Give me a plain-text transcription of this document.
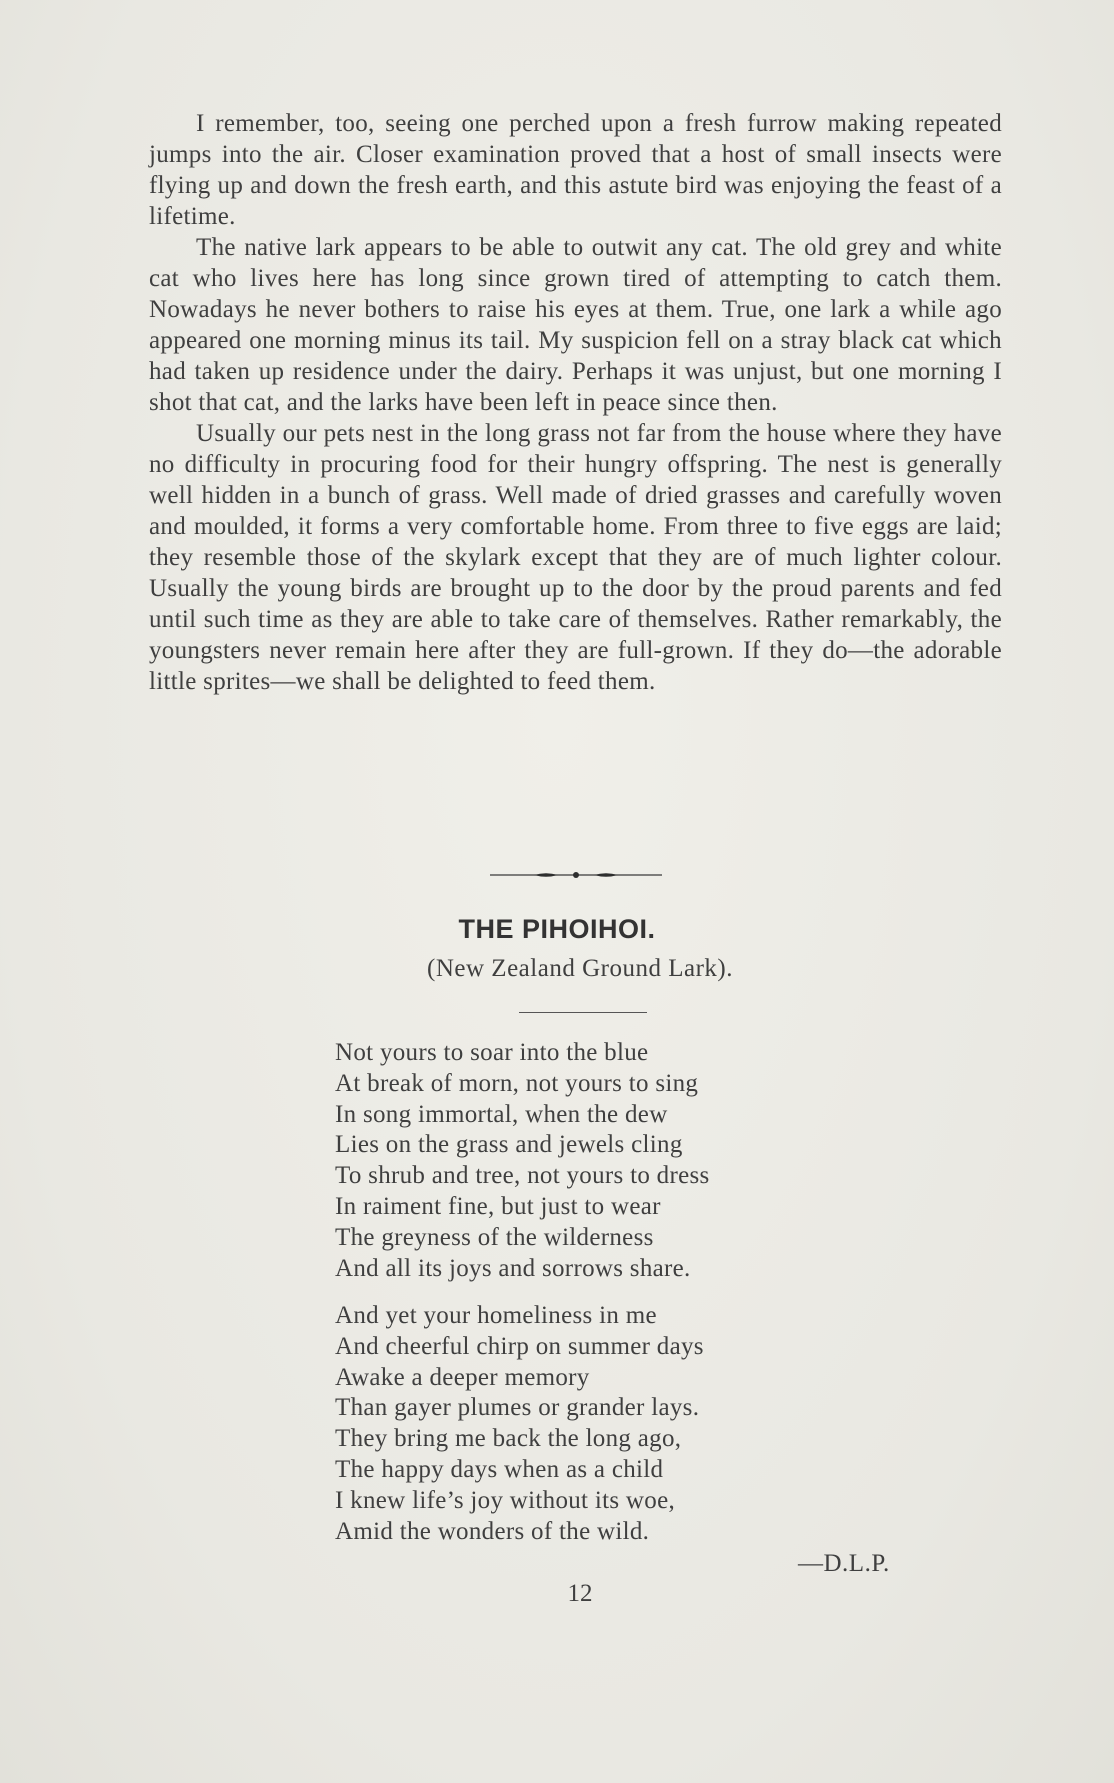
I remember, too, seeing one perched upon a fresh furrow making repeated jumps into the air. Closer examination proved that a host of small insects were flying up and down the fresh earth, and this astute bird was enjoying the feast of a lifetime.

The native lark appears to be able to outwit any cat. The old grey and white cat who lives here has long since grown tired of attempting to catch them. Nowadays he never bothers to raise his eyes at them. True, one lark a while ago appeared one morning minus its tail. My suspicion fell on a stray black cat which had taken up residence under the dairy. Perhaps it was unjust, but one morning I shot that cat, and the larks have been left in peace since then.

Usually our pets nest in the long grass not far from the house where they have no difficulty in procuring food for their hungry offspring. The nest is generally well hidden in a bunch of grass. Well made of dried grasses and carefully woven and moulded, it forms a very comfortable home. From three to five eggs are laid; they resemble those of the skylark except that they are of much lighter colour. Usually the young birds are brought up to the door by the proud parents and fed until such time as they are able to take care of themselves. Rather remarkably, the youngsters never remain here after they are full-grown. If they do—the adorable little sprites—we shall be delighted to feed them.

THE PIHOIHOI.
(New Zealand Ground Lark).
Not yours to soar into the blue
At break of morn, not yours to sing
In song immortal, when the dew
Lies on the grass and jewels cling
To shrub and tree, not yours to dress
In raiment fine, but just to wear
The greyness of the wilderness
And all its joys and sorrows share.
And yet your homeliness in me
And cheerful chirp on summer days
Awake a deeper memory
Than gayer plumes or grander lays.
They bring me back the long ago,
The happy days when as a child
I knew life’s joy without its woe,
Amid the wonders of the wild.
—D.L.P.
12
